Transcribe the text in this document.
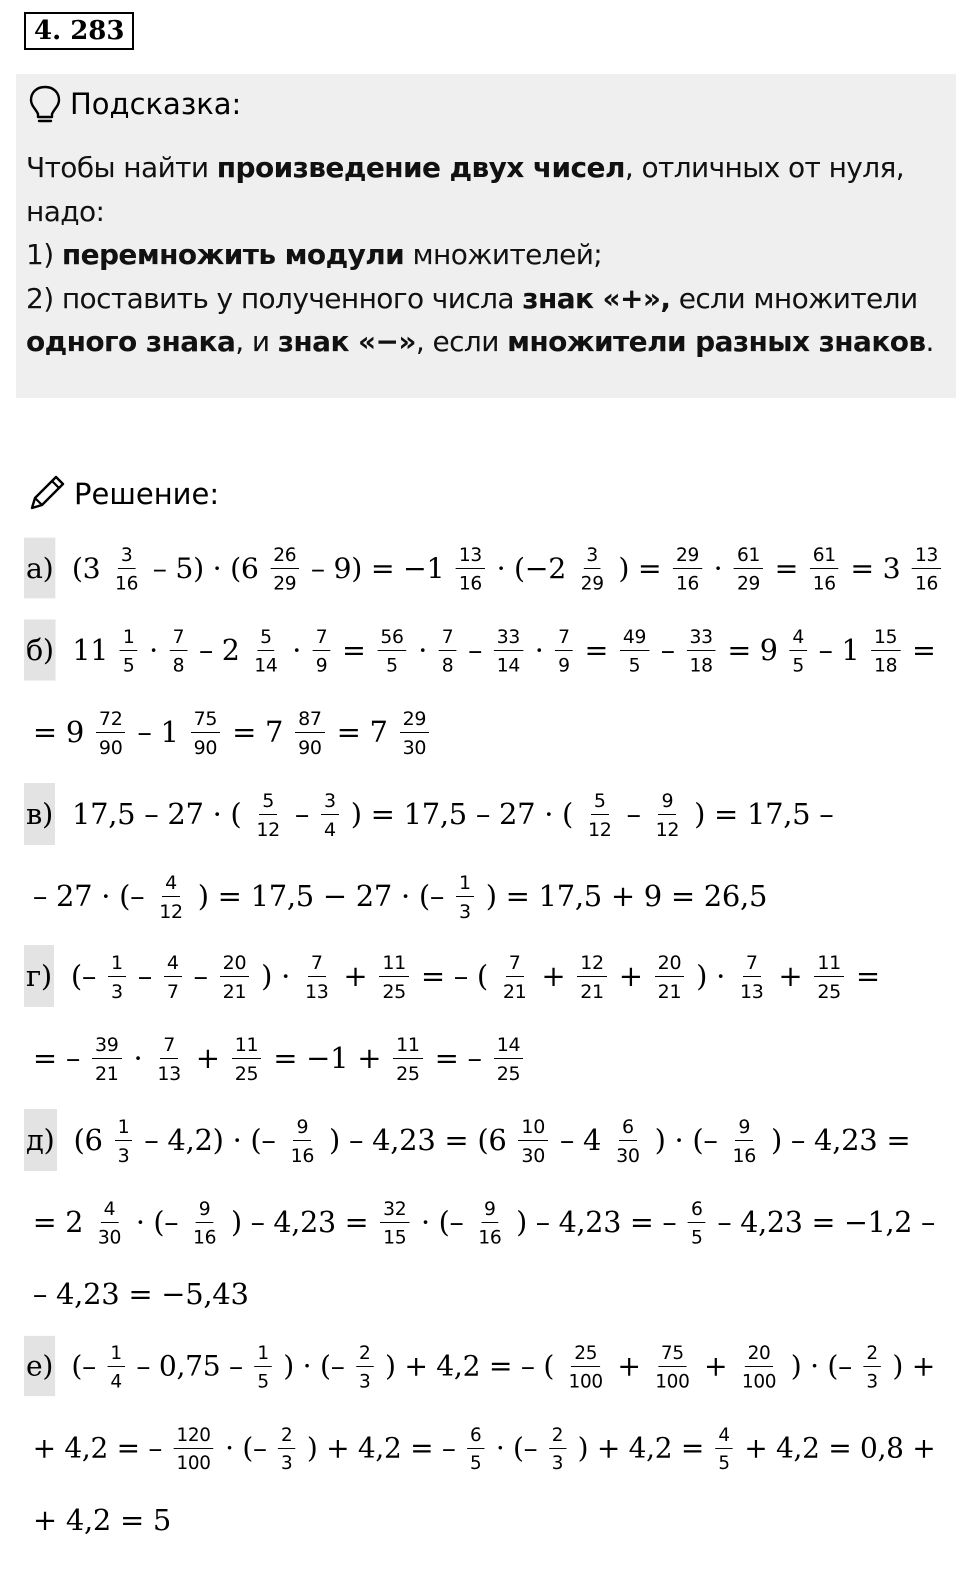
4. 283
Подсказка:
Чтобы найти произведение двух чисел, отличных от нуля,
надо:
1) перемножить модули множителей;
2) поставить у полученного числа знак «+», если множители
одного знака, и знак «−», если множители разных знаков.
Решение:
а) $(3 \frac{3}{16} - 5) \cdot (6 \frac{26}{29} - 9) = -1 \frac{13}{16} \cdot (-2 \frac{3}{29}$ ) = $\frac{29}{16} \cdot \frac{61}{29} = \frac{61}{16} = 3 \frac{13}{16}$
б) $11 \frac{1}{5} \cdot \frac{7}{8} - 2 \frac{5}{14} \cdot \frac{7}{9} = \frac{56}{5} \cdot \frac{7}{8} - \frac{33}{14} \cdot \frac{7}{9} = \frac{49}{5} - \frac{33}{18} = 9 \frac{4}{5} - 1 \frac{15}{18}$ =
= $9 \frac{72}{90} - 1 \frac{75}{90} = 7 \frac{87}{90} = 7 \frac{29}{30}$
в) 17,5 – 27 · ( $\frac{5}{12} - \frac{3}{4}$ ) = 17,5 – 27 · ( $\frac{5}{12} - \frac{9}{12}$ ) = 17,5 –
– 27 · (– $\frac{4}{12}$ ) = 17,5 − 27 · (– $\frac{1}{3}$ ) = 17,5 + 9 = 26,5
г) (– $\frac{1}{3} - \frac{4}{7} - \frac{20}{21}$ ) · $\frac{7}{13} + \frac{11}{25}$ = – ( $\frac{7}{21} + \frac{12}{21} + \frac{20}{21}$ ) · $\frac{7}{13} + \frac{11}{25}$ =
= – $\frac{39}{21} \cdot \frac{7}{13} + \frac{11}{25} = -1 + \frac{11}{25}$ = – $\frac{14}{25}$
д) $(6 \frac{1}{3} - 4,2)$ · (– $\frac{9}{16}$ ) – $4,23 = (6 \frac{10}{30} - 4 \frac{6}{30}$ ) · (– $\frac{9}{16}$ ) – 4,23 =
= $2 \frac{4}{30}$ · (– $\frac{9}{16}$ ) – $4,23 = \frac{32}{15}$ · (– $\frac{9}{16}$ ) – 4,23 = – $\frac{6}{5} - 4,23 = -1,2$ –
– 4,23 = −5,43
е) (– $\frac{1}{4} - 0,75 - \frac{1}{5}$ ) · (– $\frac{2}{3}$ ) + 4,2 = – ( $\frac{25}{100} + \frac{75}{100} + \frac{20}{100}$ ) · (– $\frac{2}{3}$ ) +
+ 4,2 = – $\frac{120}{100}$ · (– $\frac{2}{3}$ ) + 4,2 = – $\frac{6}{5}$ · (– $\frac{2}{3}$ ) + $4,2 = \frac{4}{5} + 4,2 = 0,8$ +
+ 4,2 = 5
